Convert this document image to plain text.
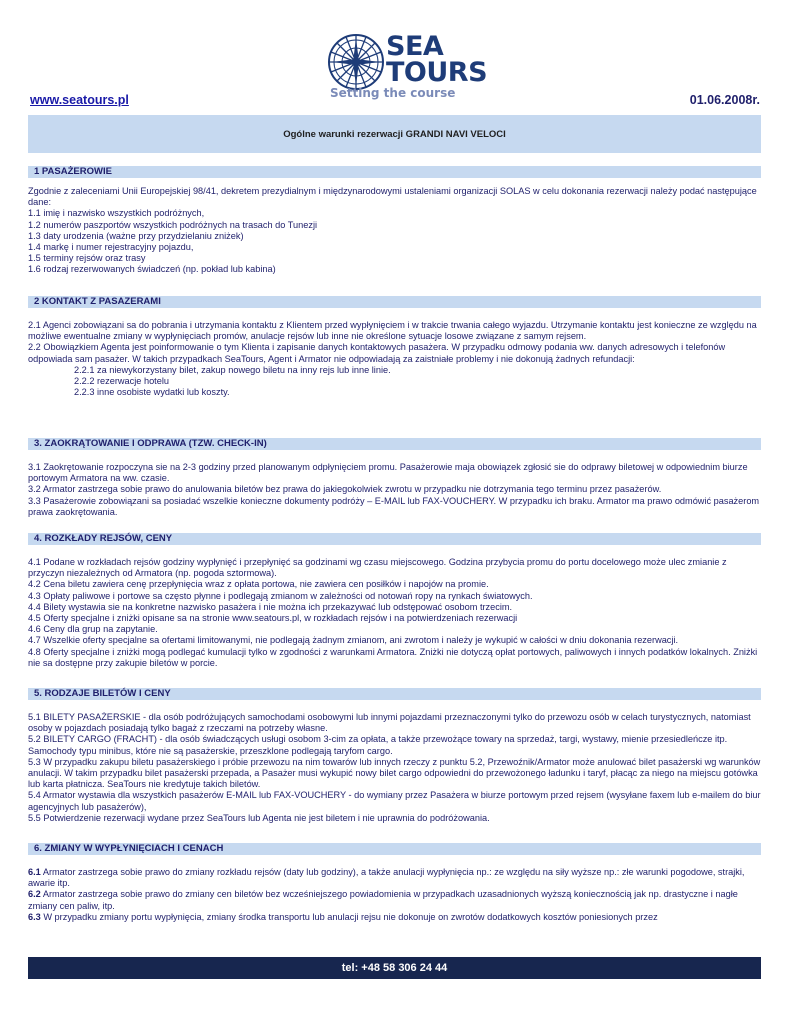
SEA
TOURS
Setting the course
www.seatours.pl	01.06.2008r.
Ogólne warunki rezerwacji GRANDI NAVI VELOCI
1 PASAŻEROWIE
Zgodnie z zaleceniami Unii Europejskiej 98/41, dekretem prezydialnym i międzynarodowymi ustaleniami organizacji SOLAS w celu dokonania rezerwacji należy podać następujące dane:
1.1 imię i nazwisko wszystkich podróżnych,
1.2 numerów paszportów wszystkich podróżnych na trasach do Tunezji
1.3 daty urodzenia (ważne przy przydzielaniu zniżek)
1.4 markę i numer rejestracyjny pojazdu,
1.5 terminy rejsów oraz trasy
1.6 rodzaj rezerwowanych świadczeń (np. pokład lub kabina)
2 KONTAKT Z PASAZERAMI
2.1 Agenci zobowiązani sa do pobrania i utrzymania kontaktu z Klientem przed wypłynięciem i w trakcie trwania całego wyjazdu. Utrzymanie kontaktu jest konieczne ze względu na możliwe ewentualne zmiany w wypłynięciach promów, anulacje rejsów lub inne nie określone sytuacje losowe związane z samym rejsem.
2.2 Obowiązkiem Agenta jest poinformowanie o tym Klienta i zapisanie danych kontaktowych pasażera. W przypadku odmowy podania ww. danych adresowych i telefonów odpowiada sam pasażer. W takich przypadkach SeaTours, Agent i Armator nie odpowiadają za zaistniałe problemy i nie dokonują żadnych refundacji:
2.2.1 za niewykorzystany bilet, zakup nowego biletu na inny rejs lub inne linie.
2.2.2 rezerwacje hotelu
2.2.3 inne osobiste wydatki lub koszty.
3. ZAOKRĄTOWANIE I ODPRAWA (TZW. CHECK-IN)
3.1 Zaokrętowanie rozpoczyna sie na 2-3 godziny przed planowanym odpłynięciem promu. Pasażerowie maja obowiązek zgłosić sie do odprawy biletowej w odpowiednim biurze portowym Armatora na ww. czasie.
3.2 Armator zastrzega sobie prawo do anulowania biletów bez prawa do jakiegokolwiek zwrotu w przypadku nie dotrzymania tego terminu przez pasażerów.
3.3 Pasażerowie zobowiązani sa posiadać wszelkie konieczne dokumenty podróży – E-MAIL lub FAX-VOUCHERY. W przypadku ich braku. Armator ma prawo odmówić pasażerom prawa zaokrętowania.
4. ROZKŁADY REJSÓW, CENY
4.1 Podane w rozkładach rejsów godziny wypłynięć i przepłynięć sa godzinami wg czasu miejscowego. Godzina przybycia promu do portu docelowego może ulec zmianie z przyczyn niezależnych od Armatora (np. pogoda sztormowa).
4.2 Cena biletu zawiera cenę przepłynięcia wraz z opłata portowa, nie zawiera cen posiłków i napojów na promie.
4.3 Opłaty paliwowe i portowe sa często płynne i podlegają zmianom w zależności od notowań ropy na rynkach światowych.
4.4 Bilety wystawia sie na konkretne nazwisko pasażera i nie można ich przekazywać lub odstępować osobom trzecim.
4.5 Oferty specjalne i zniżki opisane sa na stronie www.seatours.pl, w rozkładach rejsów i na potwierdzeniach rezerwacji
4.6 Ceny dla grup na zapytanie.
4.7 Wszelkie oferty specjalne sa ofertami limitowanymi, nie podlegają żadnym zmianom, ani zwrotom i należy je wykupić w całości w dniu dokonania rezerwacji.
4.8 Oferty specjalne i zniżki mogą podlegać kumulacji tylko w zgodności z warunkami Armatora. Zniżki nie dotyczą opłat portowych, paliwowych i innych podatków lokalnych. Zniżki nie sa dostępne przy zakupie biletów w porcie.
5. RODZAJE BILETÓW I CENY
5.1 BILETY PASAŻERSKIE - dla osób podróżujących samochodami osobowymi lub innymi pojazdami przeznaczonymi tylko do przewozu osób w celach turystycznych, natomiast osoby w pojazdach posiadają tylko bagaż z rzeczami na potrzeby własne.
5.2 BILETY CARGO (FRACHT) - dla osób świadczących usługi osobom 3-cim za opłata, a także przewożące towary na sprzedaż, targi, wystawy, mienie przesiedleńcze itp. Samochody typu minibus, które nie są pasażerskie, przeszklone podlegają taryfom cargo.
5.3 W przypadku zakupu biletu pasażerskiego i próbie przewozu na nim towarów lub innych rzeczy z punktu 5.2, Przewoźnik/Armator może anulować bilet pasażerski wg warunków anulacji. W takim przypadku bilet pasażerski przepada, a Pasażer musi wykupić nowy bilet cargo odpowiedni do przewożonego ładunku i taryf, płacąc za niego na miejscu gotówka lub karta płatnicza. SeaTours nie kredytuje takich biletów.
5.4 Armator wystawia dla wszystkich pasażerów E-MAIL lub FAX-VOUCHERY - do wymiany przez Pasażera w biurze portowym przed rejsem (wysyłane faxem lub e-mailem do biur agencyjnych lub pasażerów),
5.5 Potwierdzenie rezerwacji wydane przez SeaTours lub Agenta nie jest biletem i nie uprawnia do podróżowania.
6. ZMIANY W WYPŁYNIĘCIACH I CENACH
6.1 Armator zastrzega sobie prawo do zmiany rozkładu rejsów (daty lub godziny), a także anulacji wypłynięcia np.: ze względu na siły wyższe np.: złe warunki pogodowe, strajki, awarie itp.
6.2 Armator zastrzega sobie prawo do zmiany cen biletów bez wcześniejszego powiadomienia w przypadkach uzasadnionych wyższą koniecznością jak np. drastyczne i nagłe zmiany cen paliw, itp.
6.3 W przypadku zmiany portu wypłynięcia, zmiany środka transportu lub anulacji rejsu nie dokonuje on zwrotów dodatkowych kosztów poniesionych przez
tel: +48 58 306 24 44
